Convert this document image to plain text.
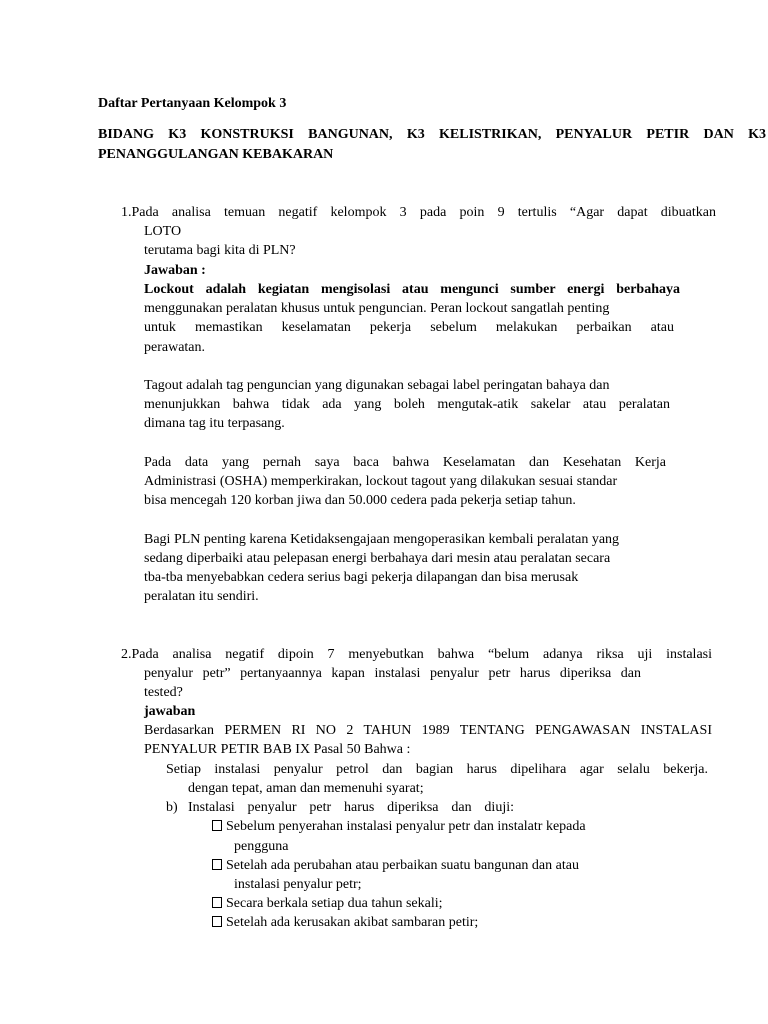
Daftar Pertanyaan Kelompok 3
BIDANG K3 KONSTRUKSI BANGUNAN, K3 KELISTRIKAN, PENYALUR PETIR DAN K3
PENANGGULANGAN KEBAKARAN
1.Pada analisa temuan negatif kelompok 3 pada poin 9 tertulis “Agar dapat dibuatkan
LOTO
terutama bagi kita di PLN?
Jawaban :
Lockout adalah kegiatan mengisolasi atau mengunci sumber energi berbahaya
menggunakan peralatan khusus untuk penguncian. Peran lockout sangatlah penting
untuk memastikan keselamatan pekerja sebelum melakukan perbaikan atau
perawatan.
Tagout adalah tag penguncian yang digunakan sebagai label peringatan bahaya dan
menunjukkan bahwa tidak ada yang boleh mengutak-atik sakelar atau peralatan
dimana tag itu terpasang.
Pada data yang pernah saya baca bahwa Keselamatan dan Kesehatan Kerja
Administrasi (OSHA) memperkirakan, lockout tagout yang dilakukan sesuai standar
bisa mencegah 120 korban jiwa dan 50.000 cedera pada pekerja setiap tahun.
Bagi PLN penting karena Ketidaksengajaan mengoperasikan kembali peralatan yang
sedang diperbaiki atau pelepasan energi berbahaya dari mesin atau peralatan secara
tba-tba menyebabkan cedera serius bagi pekerja dilapangan dan bisa merusak
peralatan itu sendiri.
2.Pada analisa negatif dipoin 7 menyebutkan bahwa “belum adanya riksa uji instalasi
penyalur petr” pertanyaannya kapan instalasi penyalur petr harus diperiksa dan
tested?
jawaban
Berdasarkan PERMEN RI NO 2 TAHUN 1989 TENTANG PENGAWASAN INSTALASI
PENYALUR PETIR BAB IX Pasal 50 Bahwa :
Setiap instalasi penyalur petrol dan bagian harus dipelihara agar selalu bekerja.
dengan tepat, aman dan memenuhi syarat;
b) Instalasi penyalur petr harus diperiksa dan diuji:
Sebelum penyerahan instalasi penyalur petr dan instalatr kepada
pengguna
Setelah ada perubahan atau perbaikan suatu bangunan dan atau
instalasi penyalur petr;
Secara berkala setiap dua tahun sekali;
Setelah ada kerusakan akibat sambaran petir;
